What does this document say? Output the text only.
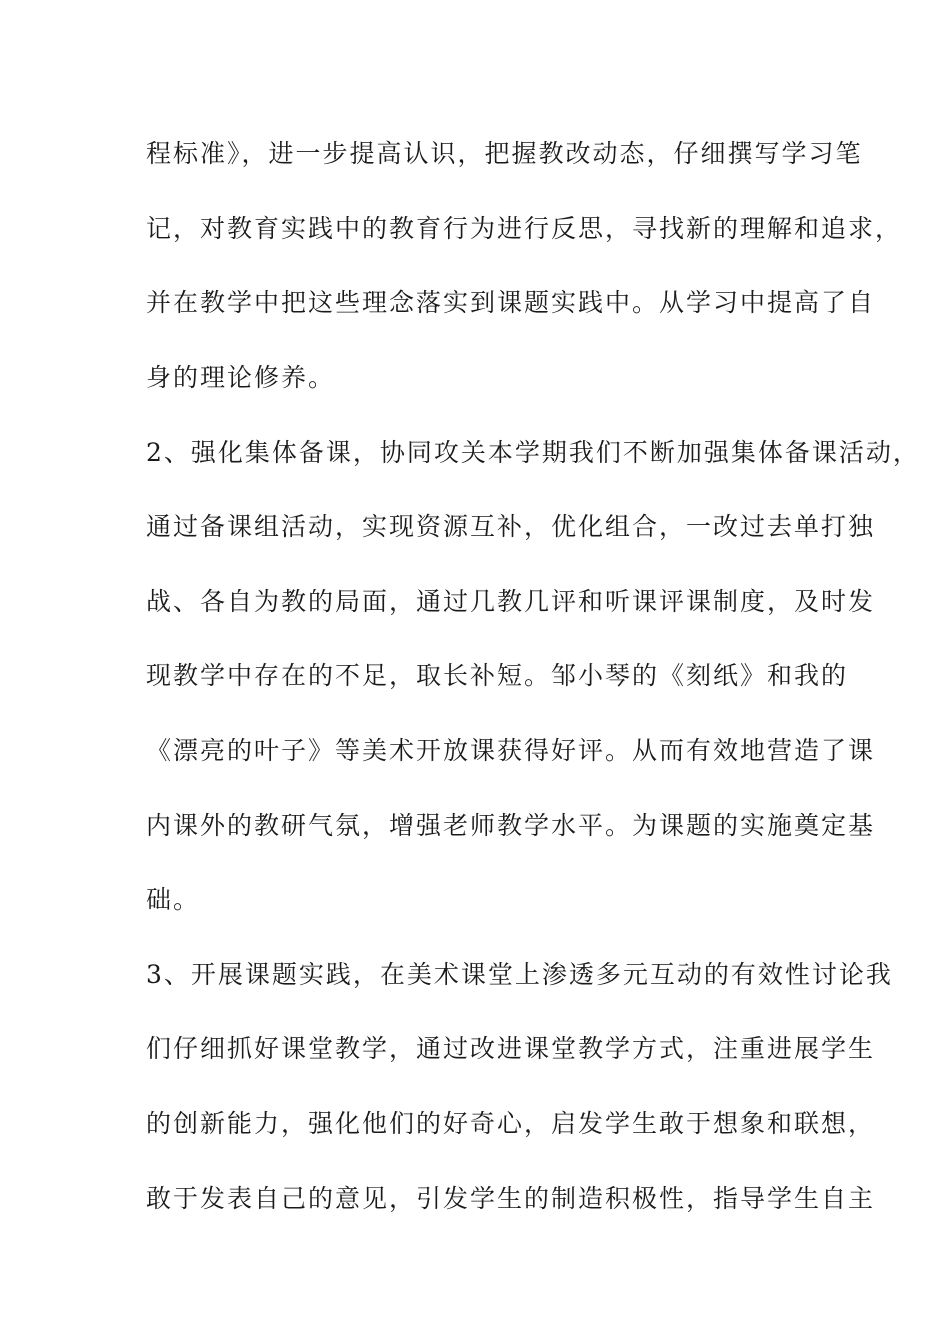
程标准》，进一步提高认识，把握教改动态，仔细撰写学习笔
记，对教育实践中的教育行为进行反思，寻找新的理解和追求，
并在教学中把这些理念落实到课题实践中。从学习中提高了自
身的理论修养。
2、强化集体备课，协同攻关本学期我们不断加强集体备课活动，
通过备课组活动，实现资源互补，优化组合，一改过去单打独
战、各自为教的局面，通过几教几评和听课评课制度，及时发
现教学中存在的不足，取长补短。邹小琴的《刻纸》和我的
《漂亮的叶子》等美术开放课获得好评。从而有效地营造了课
内课外的教研气氛，增强老师教学水平。为课题的实施奠定基
础。
3、开展课题实践，在美术课堂上渗透多元互动的有效性讨论我
们仔细抓好课堂教学，通过改进课堂教学方式，注重进展学生
的创新能力，强化他们的好奇心，启发学生敢于想象和联想，
敢于发表自己的意见，引发学生的制造积极性，指导学生自主
